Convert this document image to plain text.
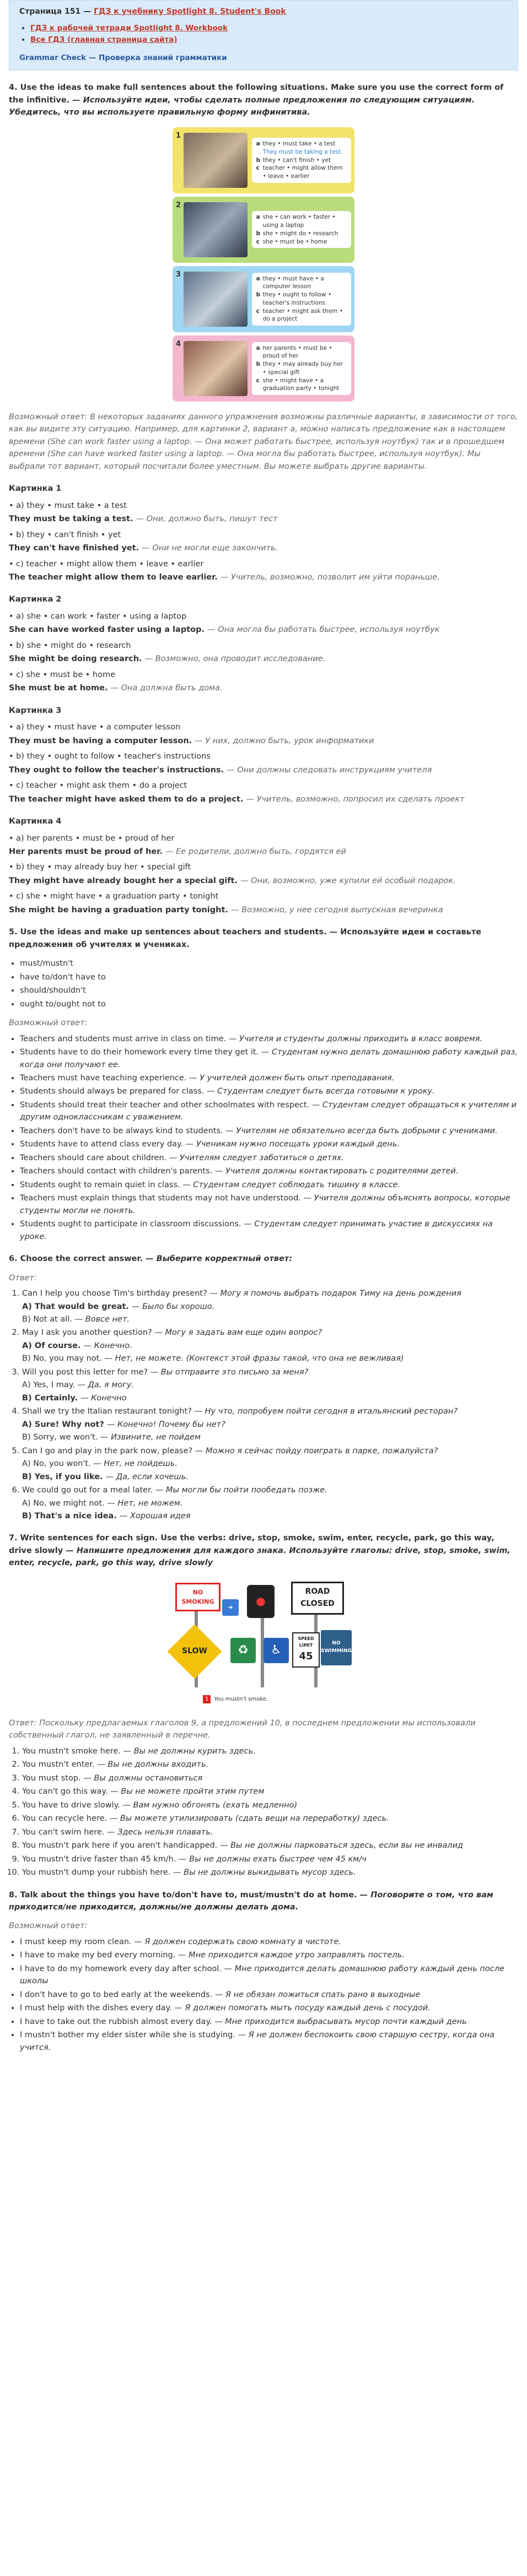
Страница 151 — ГДЗ к учебнику Spotlight 8. Student's Book
• ГДЗ к рабочей тетради Spotlight 8. Workbook
• Все ГДЗ (главная страница сайта)
Grammar Check — Проверка знаний грамматики
4. Use the ideas to make full sentences about the following situations. Make sure you use the correct form of the infinitive. — Используйте идеи, чтобы сделать полные предложения по следующим ситуациям. Убедитесь, что вы используете правильную форму инфинитива.
1
a they • must take • a test
They must be taking a test.
b they • can't finish • yet
c teacher • might allow them • leave • earlier
2
a she • can work • faster • using a laptop
b she • might do • research
c she • must be • home
3	a they • must have • a computer lesson
b they • ought to follow • teacher's instructions
c teacher • might ask them • do a project
4	a her parents • must be • proud of her
b they • may already buy her • special gift
c she • might have • a graduation party • tonight
Возможный ответ: В некоторых заданиях данного упражнения возможны различные варианты, в зависимости от того, как вы видите эту ситуацию. Например, для картинки 2, вариант a, можно написать предложение как в настоящем времени (She can work faster using a laptop. — Она может работать быстрее, используя ноутбук) так и в прошедшем времени (She can have worked faster using a laptop. — Она могла бы работать быстрее, используя ноутбук). Мы выбрали тот вариант, который посчитали более уместным. Вы можете выбрать другие варианты.
Картинка 1
• a) they • must take • a test
They must be taking a test. — Они, должно быть, пишут тест
• b) they • can't finish • yet
They can't have finished yet. — Они не могли еще закончить.
• c) teacher • might allow them • leave • earlier
The teacher might allow them to leave earlier. — Учитель, возможно, позволит им уйти пораньше.
Картинка 2
• a) she • can work • faster • using a laptop
She can have worked faster using a laptop. — Она могла бы работать быстрее, используя ноутбук
• b) she • might do • research
She might be doing research. — Возможно, она проводит исследование.
• c) she • must be • home
She must be at home. — Она должна быть дома.
Картинка 3
• a) they • must have • a computer lesson
They must be having a computer lesson. — У них, должно быть, урок информатики
• b) they • ought to follow • teacher's instructions
They ought to follow the teacher's instructions. — Они должны следовать инструкциям учителя
• c) teacher • might ask them • do a project
The teacher might have asked them to do a project. — Учитель, возможно, попросил их сделать проект
Картинка 4
• a) her parents • must be • proud of her
Her parents must be proud of her. — Ее родители, должно быть, гордятся ей
• b) they • may already buy her • special gift
They might have already bought her a special gift. — Они, возможно, уже купили ей особый подарок.
• c) she • might have • a graduation party • tonight
She might be having a graduation party tonight. — Возможно, у нее сегодня выпускная вечеринка
5. Use the ideas and make up sentences about teachers and students. — Используйте идеи и составьте предложения об учителях и учениках.
• must/mustn't
• have to/don't have to
• should/shouldn't
• ought to/ought not to
Возможный ответ:
• Teachers and students must arrive in class on time. — Учителя и студенты должны приходить в класс вовремя.
• Students have to do their homework every time they get it. — Студентам нужно делать домашнюю работу каждый раз, когда они получают ее.
• Teachers must have teaching experience. — У учителей должен быть опыт преподавания.
• Students should always be prepared for class. — Студентам следует быть всегда готовыми к уроку.
• Students should treat their teacher and other schoolmates with respect. — Студентам следует обращаться к учителям и другим одноклассникам с уважением.
• Teachers don't have to be always kind to students. — Учителям не обязательно всегда быть добрыми с учениками.
• Students have to attend class every day. — Ученикам нужно посещать уроки каждый день.
• Teachers should care about children. — Учителям следует заботиться о детях.
• Teachers should contact with children's parents. — Учителя должны контактировать с родителями детей.
• Students ought to remain quiet in class. — Студентам следует соблюдать тишину в классе.
• Teachers must explain things that students may not have understood. — Учителя должны объяснять вопросы, которые студенты могли не понять.
• Students ought to participate in classroom discussions. — Студентам следует принимать участие в дискуссиях на уроке.
6. Choose the correct answer. — Выберите корректный ответ:
Ответ:
1. Can I help you choose Tim's birthday present? — Могу я помочь выбрать подарок Тиму на день рождения
A) That would be great. — Было бы хорошо.
B) Not at all. — Вовсе нет.
2. May I ask you another question? — Могу я задать вам еще один вопрос?
A) Of course. — Конечно.
B) No, you may not. — Нет, не можете. (Контекст этой фразы такой, что она не вежливая)
3. Will you post this letter for me? — Вы отправите это письмо за меня?
A) Yes, I may. — Да, я могу.
B) Certainly. — Конечно
4. Shall we try the Italian restaurant tonight? — Ну что, попробуем пойти сегодня в итальянский ресторан?
A) Sure! Why not? — Конечно! Почему бы нет?
B) Sorry, we won't. — Извините, не пойдем
5. Can I go and play in the park now, please? — Можно я сейчас пойду поиграть в парке, пожалуйста?
A) No, you won't. — Нет, не пойдешь.
B) Yes, if you like. — Да, если хочешь.
6. We could go out for a meal later. — Мы могли бы пойти пообедать позже.
A) No, we might not. — Нет, не можем.
B) That's a nice idea. — Хорошая идея
7. Write sentences for each sign. Use the verbs: drive, stop, smoke, swim, enter, recycle, park, go this way, drive slowly — Напишите предложения для каждого знака. Используйте глаголы: drive, stop, smoke, swim, enter, recycle, park, go this way, drive slowly
NO SMOKING
➜	●
ROAD CLOSED
SLOW	♻	♿
SPEED LIMIT
45
NO SWIMMING
1	You mustn't smoke.
Ответ: Поскольку предлагаемых глаголов 9, а предложений 10, в последнем предложении мы использовали собственный глагол, не заявленный в перечне.
1. You mustn't smoke here. — Вы не должны курить здесь.
2. You mustn't enter. — Вы не должны входить.
3. You must stop. — Вы должны остановиться
4. You can't go this way. — Вы не можете пройти этим путем
5. You have to drive slowly. — Вам нужно обгонять (ехать медленно)
6. You can recycle here. — Вы можете утилизировать (сдать вещи на переработку) здесь.
7. You can't swim here. — Здесь нельзя плавать.
8. You mustn't park here if you aren't handicapped. — Вы не должны парковаться здесь, если вы не инвалид
9. You mustn't drive faster than 45 km/h. — Вы не должны ехать быстрее чем 45 км/ч
10. You mustn't dump your rubbish here. — Вы не должны выкидывать мусор здесь.
8. Talk about the things you have to/don't have to, must/mustn't do at home. — Поговорите о том, что вам приходится/не приходится, должны/не должны делать дома.
Возможный ответ:
• I must keep my room clean. — Я должен содержать свою комнату в чистоте.
• I have to make my bed every morning. — Мне приходится каждое утро заправлять постель.
• I have to do my homework every day after school. — Мне приходится делать домашнюю работу каждый день после школы
• I don't have to go to bed early at the weekends. — Я не обязан ложиться спать рано в выходные
• I must help with the dishes every day. — Я должен помогать мыть посуду каждый день с посудой.
• I have to take out the rubbish almost every day. — Мне приходится выбрасывать мусор почти каждый день
• I mustn't bother my elder sister while she is studying. — Я не должен беспокоить свою старшую сестру, когда она учится.
